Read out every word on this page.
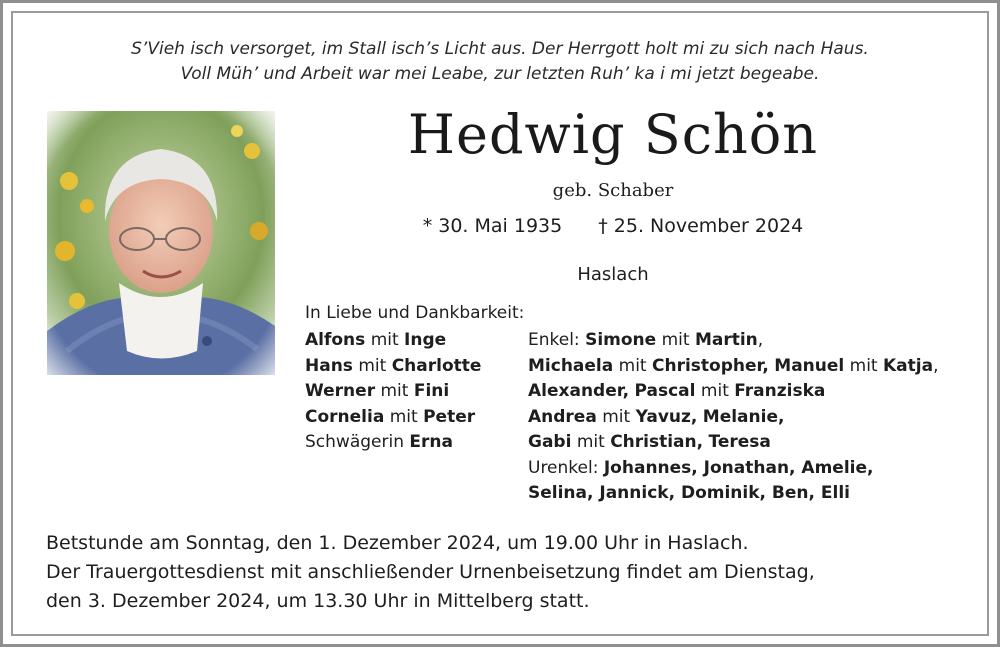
S’Vieh isch versorget, im Stall isch’s Licht aus. Der Herrgott holt mi zu sich nach Haus.
Voll Müh’ und Arbeit war mei Leabe, zur letzten Ruh’ ka i mi jetzt begeabe.
Hedwig Schön
geb. Schaber
* 30. Mai 1935 † 25. November 2024
Haslach
In Liebe und Dankbarkeit:
Alfons mit Inge
Hans mit Charlotte
Werner mit Fini
Cornelia mit Peter
Schwägerin Erna
Enkel: Simone mit Martin,
Michaela mit Christopher, Manuel mit Katja,
Alexander, Pascal mit Franziska
Andrea mit Yavuz, Melanie,
Gabi mit Christian, Teresa
Urenkel: Johannes, Jonathan, Amelie,
Selina, Jannick, Dominik, Ben, Elli
Betstunde am Sonntag, den 1. Dezember 2024, um 19.00 Uhr in Haslach.
Der Trauergottesdienst mit anschließender Urnenbeisetzung findet am Dienstag,
den 3. Dezember 2024, um 13.30 Uhr in Mittelberg statt.
